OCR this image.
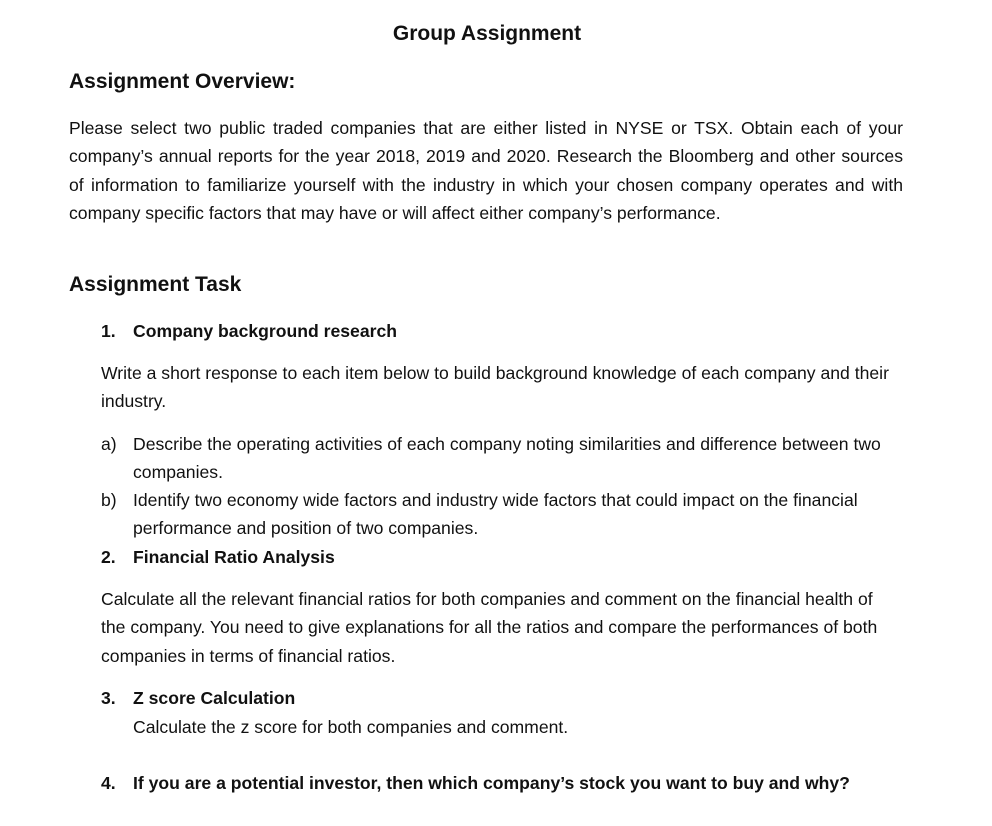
Group Assignment
Assignment Overview:
Please select two public traded companies that are either listed in NYSE or TSX. Obtain each of your company’s annual reports for the year 2018, 2019 and 2020. Research the Bloomberg and other sources of information to familiarize yourself with the industry in which your chosen company operates and with company specific factors that may have or will affect either company’s performance.
Assignment Task
1. Company background research
Write a short response to each item below to build background knowledge of each company and their industry.
a) Describe the operating activities of each company noting similarities and difference between two companies.
b) Identify two economy wide factors and industry wide factors that could impact on the financial performance and position of two companies.
2. Financial Ratio Analysis
Calculate all the relevant financial ratios for both companies and comment on the financial health of the company. You need to give explanations for all the ratios and compare the performances of both companies in terms of financial ratios.
3. Z score Calculation
Calculate the z score for both companies and comment.
4. If you are a potential investor, then which company’s stock you want to buy and why?
